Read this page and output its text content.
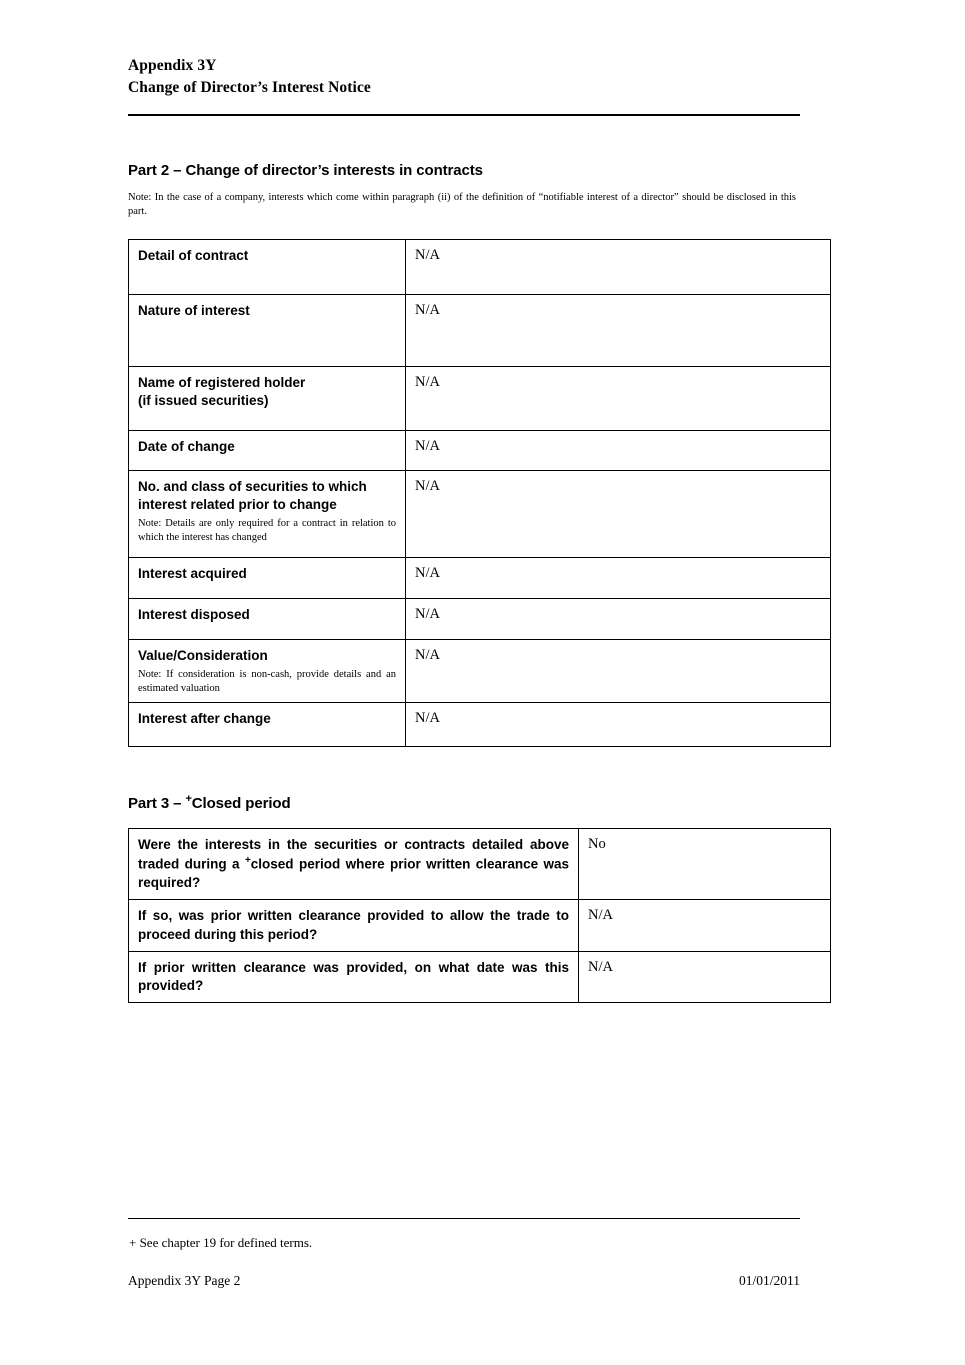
Appendix 3Y
Change of Director’s Interest Notice
Part 2 – Change of director’s interests in contracts
Note: In the case of a company, interests which come within paragraph (ii) of the definition of “notifiable interest of a director” should be disclosed in this part.
Detail of contract	N/A

Nature of interest	N/A

Name of registered holder
(if issued securities)	N/A

Date of change	N/A

No. and class of securities to which
interest related prior to change
Note: Details are only required for a contract in relation to which the interest has changed	N/A

Interest acquired	N/A

Interest disposed	N/A

Value/Consideration
Note: If consideration is non-cash, provide details and an estimated valuation	N/A

Interest after change	N/A
Part 3 – +Closed period
Were the interests in the securities or contracts detailed above traded during a +closed period where prior written clearance was required?	No
If so, was prior written clearance provided to allow the trade to proceed during this period?	N/A
If prior written clearance was provided, on what date was this provided?	N/A
+ See chapter 19 for defined terms.
Appendix 3Y Page 2	01/01/2011
